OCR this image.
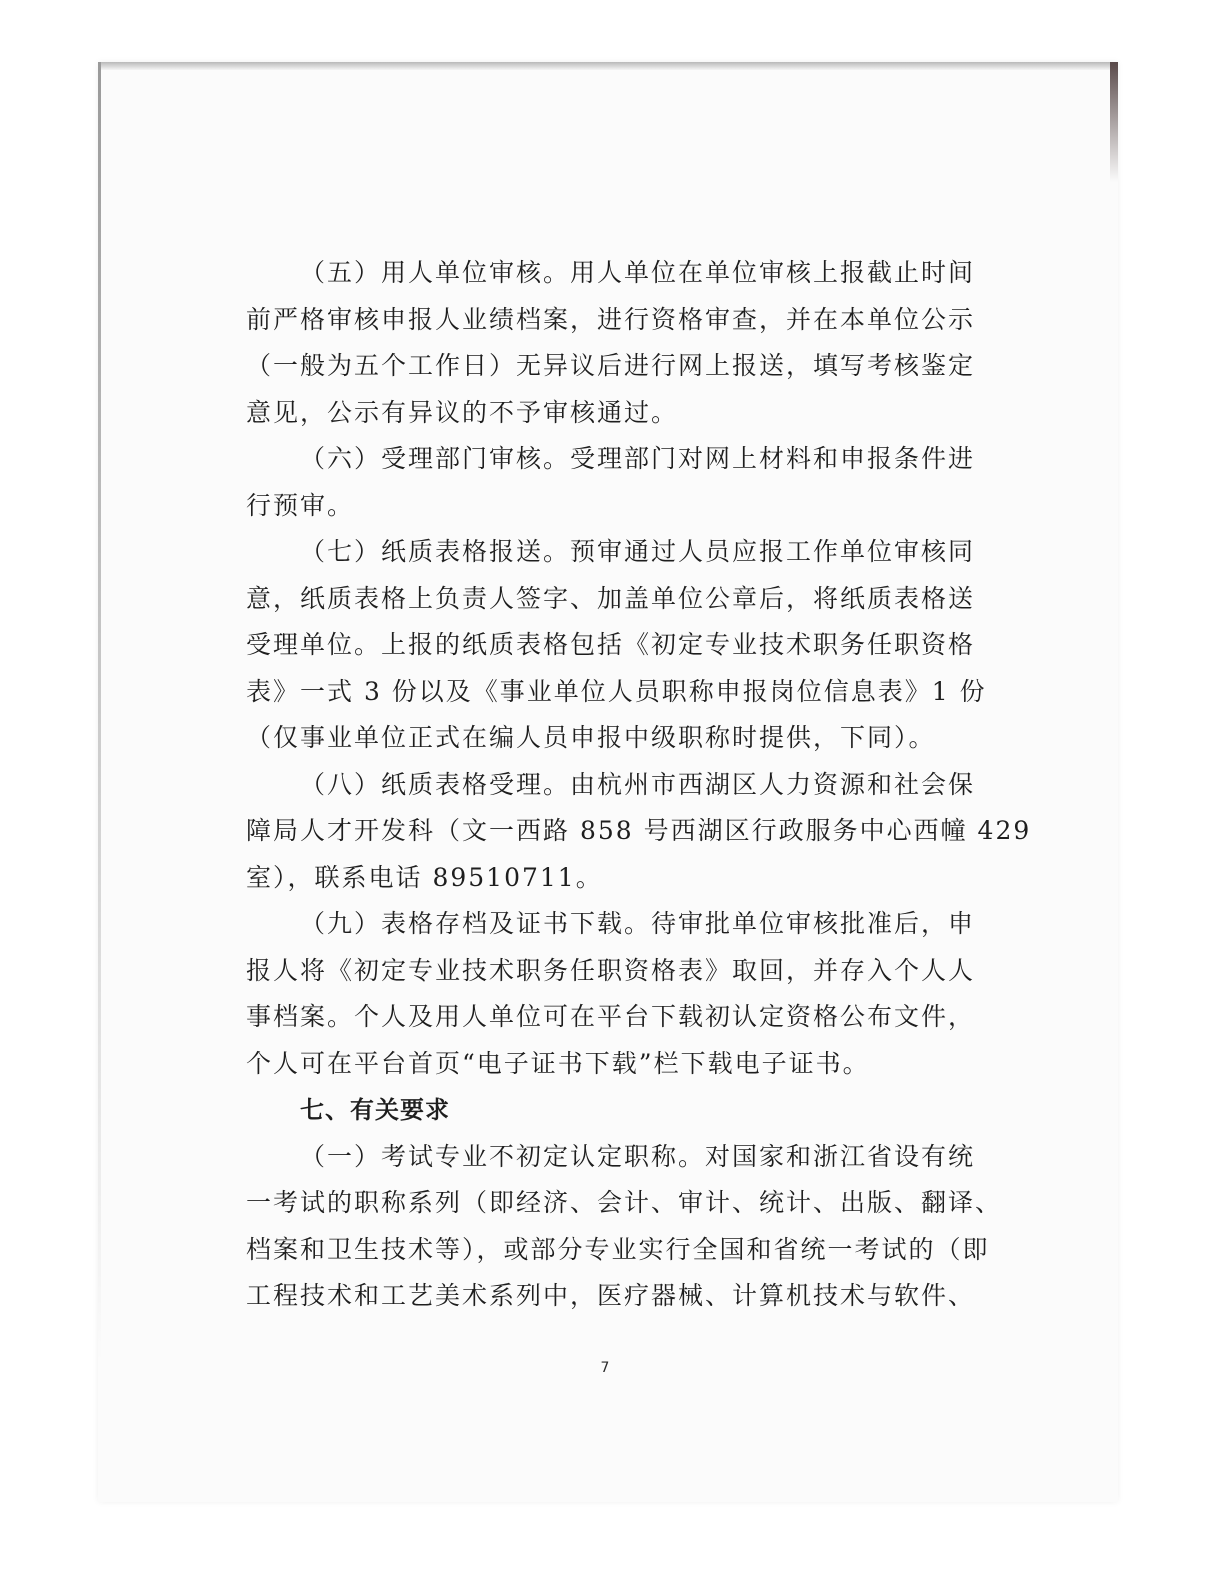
（五）用人单位审核。用人单位在单位审核上报截止时间
前严格审核申报人业绩档案，进行资格审查，并在本单位公示
（一般为五个工作日）无异议后进行网上报送，填写考核鉴定
意见，公示有异议的不予审核通过。
（六）受理部门审核。受理部门对网上材料和申报条件进
行预审。
（七）纸质表格报送。预审通过人员应报工作单位审核同
意，纸质表格上负责人签字、加盖单位公章后，将纸质表格送
受理单位。上报的纸质表格包括《初定专业技术职务任职资格
表》一式 3 份以及《事业单位人员职称申报岗位信息表》1 份
（仅事业单位正式在编人员申报中级职称时提供，下同）。
（八）纸质表格受理。由杭州市西湖区人力资源和社会保
障局人才开发科（文一西路 858 号西湖区行政服务中心西幢 429
室），联系电话 89510711。
（九）表格存档及证书下载。待审批单位审核批准后，申
报人将《初定专业技术职务任职资格表》取回，并存入个人人
事档案。个人及用人单位可在平台下载初认定资格公布文件，
个人可在平台首页“电子证书下载”栏下载电子证书。
七、有关要求
（一）考试专业不初定认定职称。对国家和浙江省设有统
一考试的职称系列（即经济、会计、审计、统计、出版、翻译、
档案和卫生技术等），或部分专业实行全国和省统一考试的（即
工程技术和工艺美术系列中，医疗器械、计算机技术与软件、
7
